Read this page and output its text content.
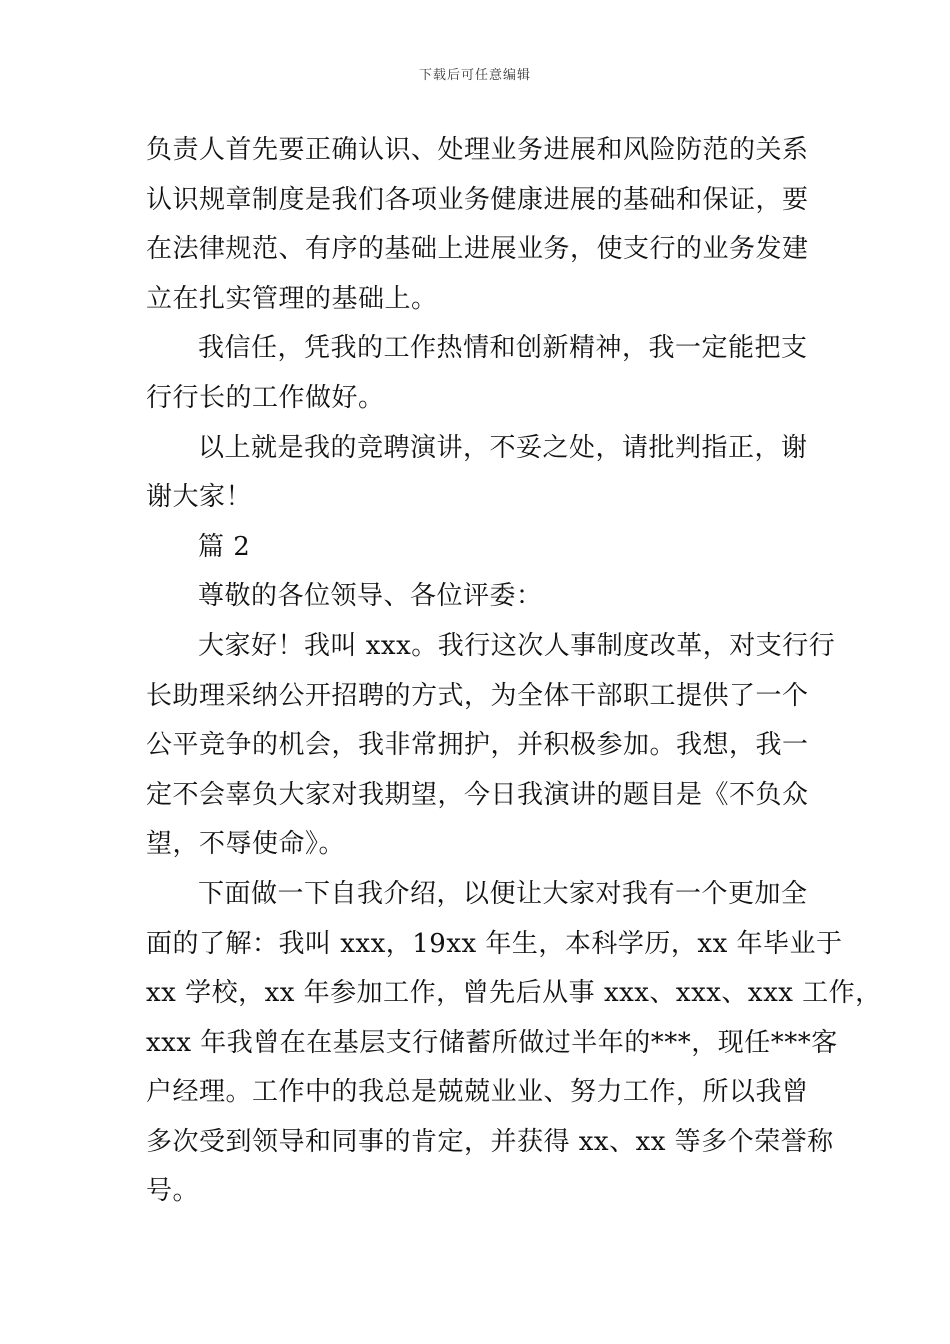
下载后可任意编辑
负责人首先要正确认识、处理业务进展和风险防范的关系
认识规章制度是我们各项业务健康进展的基础和保证，要
在法律规范、有序的基础上进展业务，使支行的业务发建
立在扎实管理的基础上。
我信任，凭我的工作热情和创新精神，我一定能把支
行行长的工作做好。
以上就是我的竞聘演讲，不妥之处，请批判指正，谢
谢大家！
篇 2
尊敬的各位领导、各位评委：
大家好！我叫 xxx。我行这次人事制度改革，对支行行
长助理采纳公开招聘的方式，为全体干部职工提供了一个
公平竞争的机会，我非常拥护，并积极参加。我想，我一
定不会辜负大家对我期望，今日我演讲的题目是《不负众
望，不辱使命》。
下面做一下自我介绍，以便让大家对我有一个更加全
面的了解：我叫 xxx，19xx 年生，本科学历，xx 年毕业于
xx 学校，xx 年参加工作，曾先后从事 xxx、xxx、xxx 工作，
xxx 年我曾在在基层支行储蓄所做过半年的***，现任***客
户经理。工作中的我总是兢兢业业、努力工作，所以我曾
多次受到领导和同事的肯定，并获得 xx、xx 等多个荣誉称
号。
